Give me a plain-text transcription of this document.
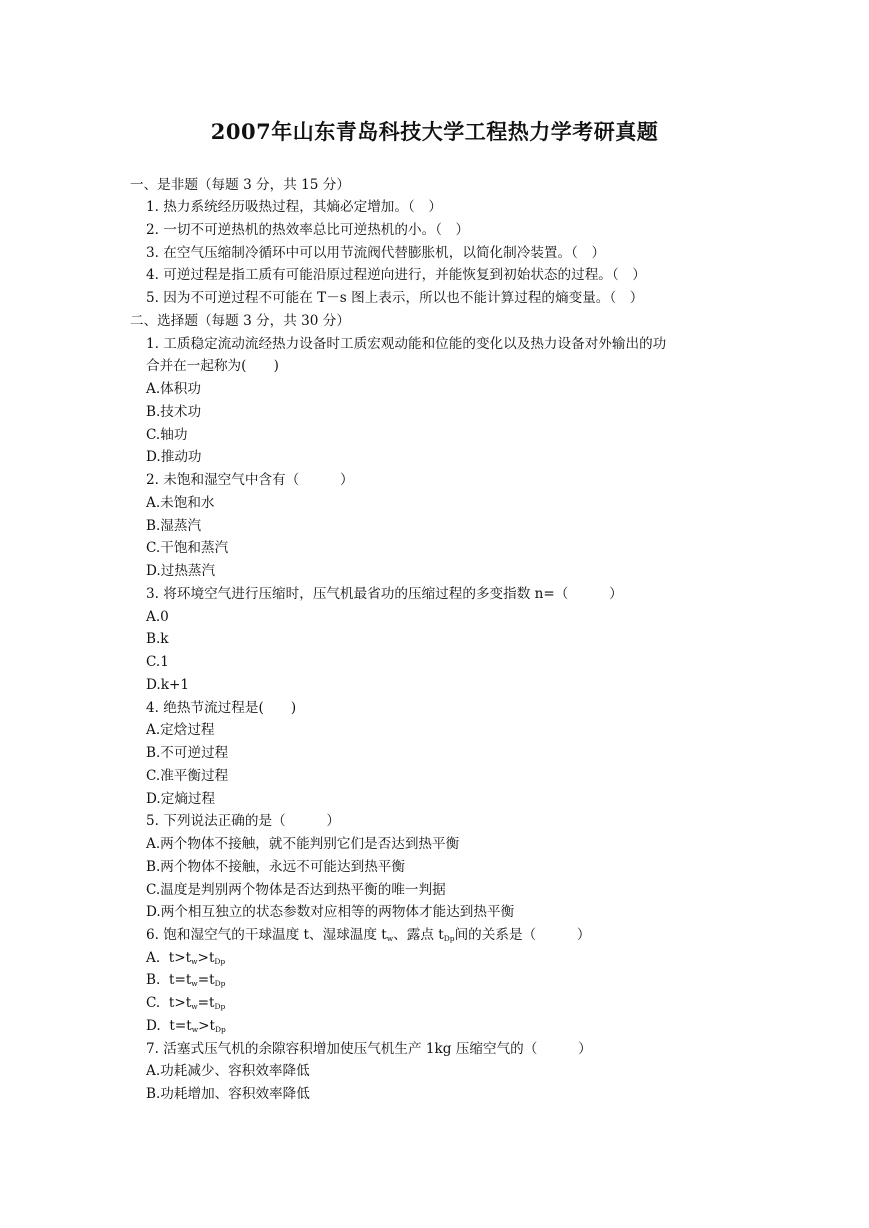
2007年山东青岛科技大学工程热力学考研真题
一、是非题（每题 3 分，共 15 分）
1. 热力系统经历吸热过程，其熵必定增加。（　）
2. 一切不可逆热机的热效率总比可逆热机的小。（　）
3. 在空气压缩制冷循环中可以用节流阀代替膨胀机，以简化制冷装置。（　）
4. 可逆过程是指工质有可能沿原过程逆向进行，并能恢复到初始状态的过程。（　）
5. 因为不可逆过程不可能在 T－s 图上表示，所以也不能计算过程的熵变量。（　）
二、选择题（每题 3 分，共 30 分）
1. 工质稳定流动流经热力设备时工质宏观动能和位能的变化以及热力设备对外输出的功
合并在一起称为(　　)
A.体积功
B.技术功
C.轴功
D.推动功
2. 未饱和湿空气中含有（　　　）
A.未饱和水
B.湿蒸汽
C.干饱和蒸汽
D.过热蒸汽
3. 将环境空气进行压缩时，压气机最省功的压缩过程的多变指数 n=（　　　）
A.0
B.k
C.1
D.k+1
4. 绝热节流过程是(　　)
A.定焓过程
B.不可逆过程
C.准平衡过程
D.定熵过程
5. 下列说法正确的是（　　　）
A.两个物体不接触，就不能判别它们是否达到热平衡
B.两个物体不接触，永远不可能达到热平衡
C.温度是判别两个物体是否达到热平衡的唯一判据
D.两个相互独立的状态参数对应相等的两物体才能达到热平衡
6. 饱和湿空气的干球温度 t、湿球温度 $t_w$、露点 $t_{Dp}$间的关系是（　　　）
A. $t>t_w>t_{Dp}$
B. $t=t_w=t_{Dp}$
C. $t>t_w=t_{Dp}$
D. $t=t_w>t_{Dp}$
7. 活塞式压气机的余隙容积增加使压气机生产 1kg 压缩空气的（　　　）
A.功耗减少、容积效率降低
B.功耗增加、容积效率降低
